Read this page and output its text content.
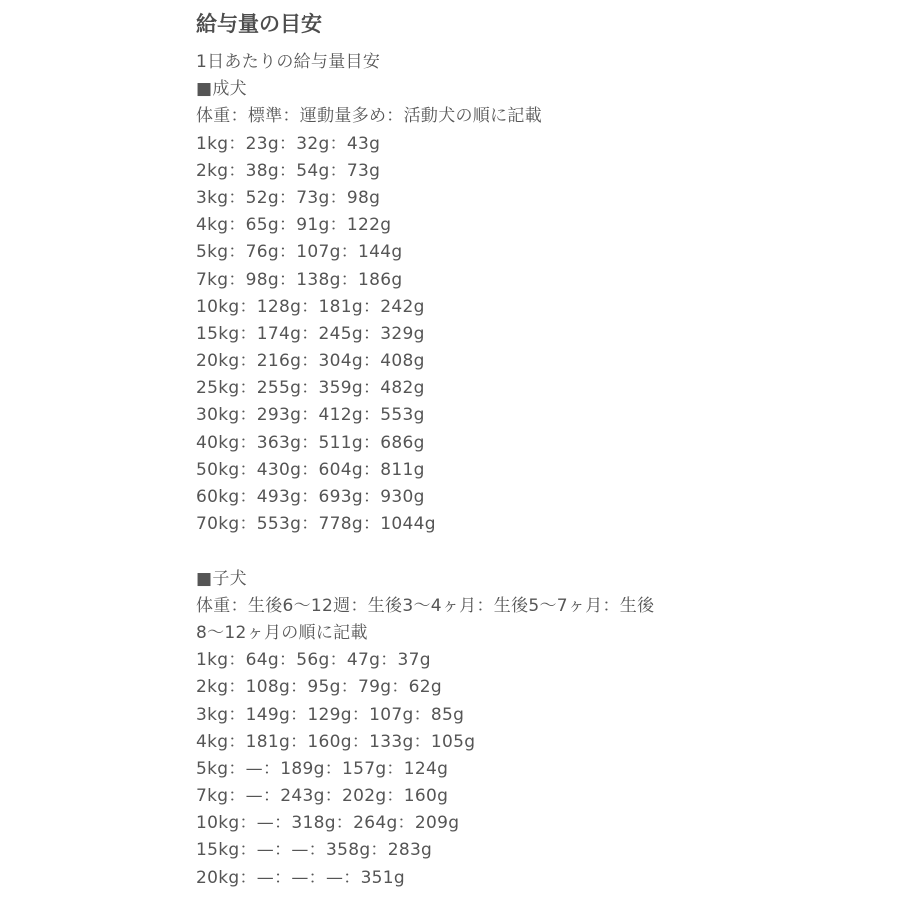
給与量の目安
1日あたりの給与量目安
■成犬
体重：標準：運動量多め：活動犬の順に記載
1kg：23g：32g：43g
2kg：38g：54g：73g
3kg：52g：73g：98g
4kg：65g：91g：122g
5kg：76g：107g：144g
7kg：98g：138g：186g
10kg：128g：181g：242g
15kg：174g：245g：329g
20kg：216g：304g：408g
25kg：255g：359g：482g
30kg：293g：412g：553g
40kg：363g：511g：686g
50kg：430g：604g：811g
60kg：493g：693g：930g
70kg：553g：778g：1044g
■子犬
体重：生後6〜12週：生後3〜4ヶ月：生後5〜7ヶ月：生後
8〜12ヶ月の順に記載
1kg：64g：56g：47g：37g
2kg：108g：95g：79g：62g
3kg：149g：129g：107g：85g
4kg：181g：160g：133g：105g
5kg：—：189g：157g：124g
7kg：—：243g：202g：160g
10kg：—：318g：264g：209g
15kg：—：—：358g：283g
20kg：—：—：—：351g
